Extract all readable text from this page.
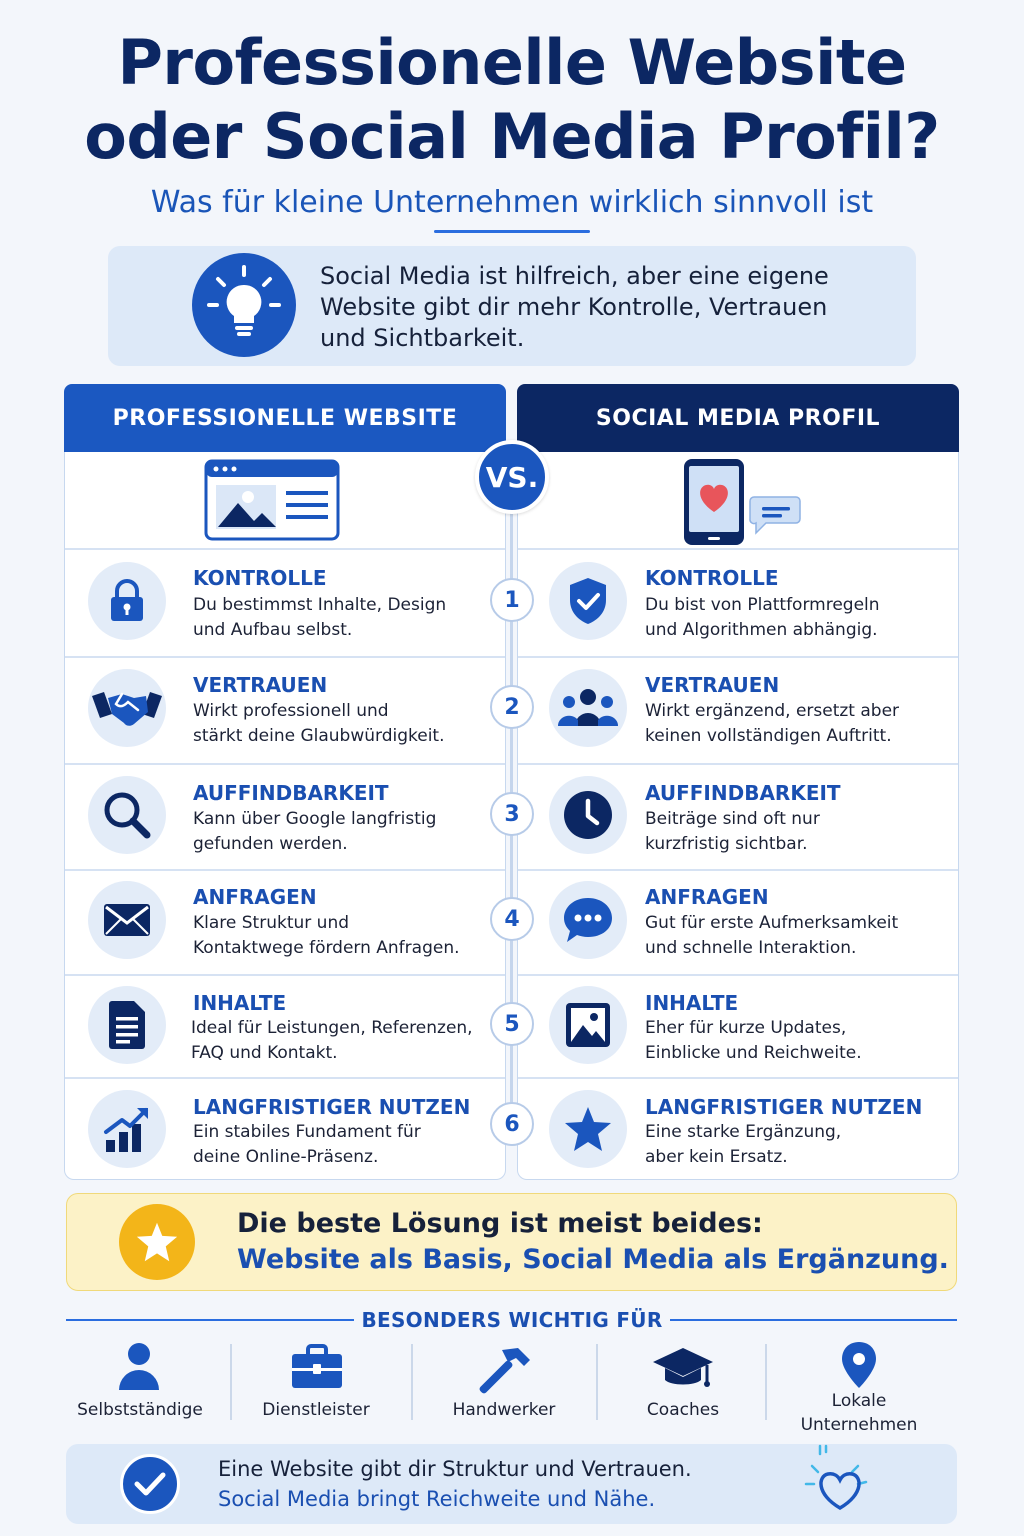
Professionelle Website
oder Social Media Profil?
Was für kleine Unternehmen wirklich sinnvoll ist
Social Media ist hilfreich, aber eine eigene Website gibt dir mehr Kontrolle, Vertrauen und Sichtbarkeit.
PROFESSIONELLE WEBSITE	SOCIAL MEDIA PROFIL
VS.
KONTROLLE
Du bestimmst Inhalte, Design
und Aufbau selbst.
1
KONTROLLE
Du bist von Plattformregeln
und Algorithmen abhängig.
VERTRAUEN
Wirkt professionell und
stärkt deine Glaubwürdigkeit.
2
VERTRAUEN
Wirkt ergänzend, ersetzt aber
keinen vollständigen Auftritt.
AUFFINDBARKEIT
Kann über Google langfristig
gefunden werden.
3
AUFFINDBARKEIT
Beiträge sind oft nur
kurzfristig sichtbar.
ANFRAGEN
Klare Struktur und
Kontaktwege fördern Anfragen.
4
ANFRAGEN
Gut für erste Aufmerksamkeit
und schnelle Interaktion.
INHALTE
Ideal für Leistungen, Referenzen,
FAQ und Kontakt.
5
INHALTE
Eher für kurze Updates,
Einblicke und Reichweite.
LANGFRISTIGER NUTZEN
Ein stabiles Fundament für
deine Online-Präsenz.
6
LANGFRISTIGER NUTZEN
Eine starke Ergänzung,
aber kein Ersatz.
Die beste Lösung ist meist beides:
Website als Basis, Social Media als Ergänzung.
BESONDERS WICHTIG FÜR
Selbstständige	Dienstleister	Handwerker	Coaches	Lokale
Unternehmen
Eine Website gibt dir Struktur und Vertrauen.
Social Media bringt Reichweite und Nähe.
